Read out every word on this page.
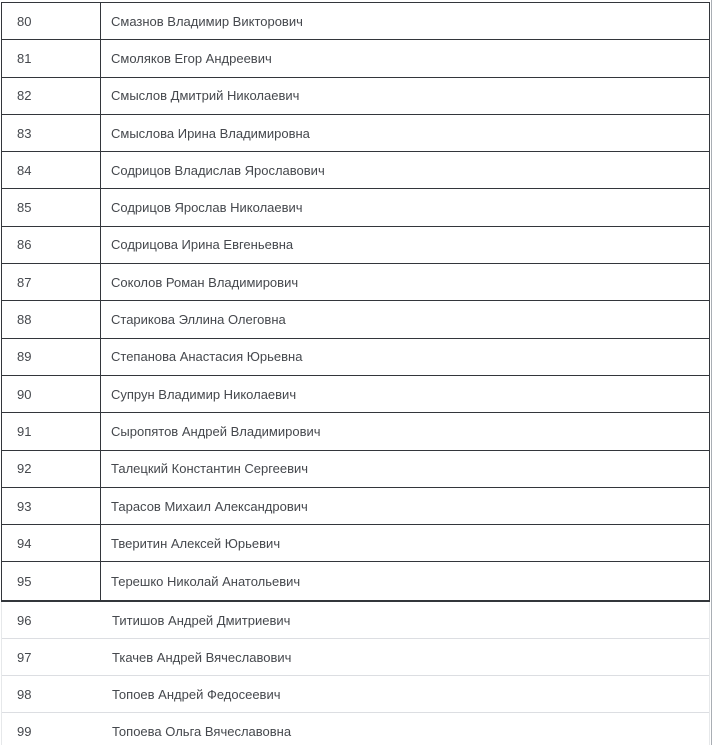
80	Смазнов Владимир Викторович
81	Смоляков Егор Андреевич
82	Смыслов Дмитрий Николаевич
83	Смыслова Ирина Владимировна
84	Содрицов Владислав Ярославович
85	Содрицов Ярослав Николаевич
86	Содрицова Ирина Евгеньевна
87	Соколов Роман Владимирович
88	Старикова Эллина Олеговна
89	Степанова Анастасия Юрьевна
90	Супрун Владимир Николаевич
91	Сыропятов Андрей Владимирович
92	Талецкий Константин Сергеевич
93	Тарасов Михаил Александрович
94	Тверитин Алексей Юрьевич
95	Терешко Николай Анатольевич
96	Титишов Андрей Дмитриевич
97	Ткачев Андрей Вячеславович
98	Топоев Андрей Федосеевич
99	Топоева Ольга Вячеславовна
